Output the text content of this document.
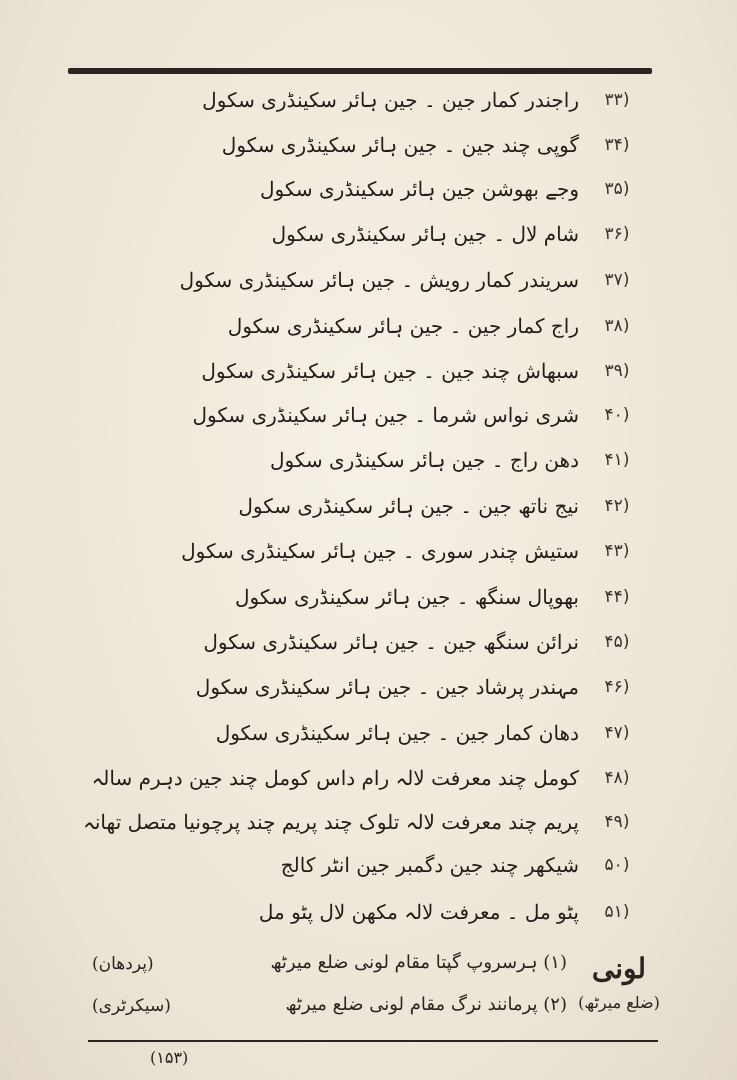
(۳۳
راجندر کمار جین ۔ جین ہائر سکینڈری سکول
(۳۴
گوپی چند جین ۔ جین ہائر سکینڈری سکول
(۳۵
وجے بھوشن جین ہائر سکینڈری سکول
(۳۶
شام لال ۔ جین ہائر سکینڈری سکول
(۳۷
سریندر کمار رویش ۔ جین ہائر سکینڈری سکول
(۳۸
راج کمار جین ۔ جین ہائر سکینڈری سکول
(۳۹
سبھاش چند جین ۔ جین ہائر سکینڈری سکول
(۴۰
شری نواس شرما ۔ جین ہائر سکینڈری سکول
(۴۱
دھن راج ۔ جین ہائر سکینڈری سکول
(۴۲
نیج ناتھ جین ۔ جین ہائر سکینڈری سکول
(۴۳
ستیش چندر سوری ۔ جین ہائر سکینڈری سکول
(۴۴
بھوپال سنگھ ۔ جین ہائر سکینڈری سکول
(۴۵
نرائن سنگھ جین ۔ جین ہائر سکینڈری سکول
(۴۶
مہندر پرشاد جین ۔ جین ہائر سکینڈری سکول
(۴۷
دھان کمار جین ۔ جین ہائر سکینڈری سکول
(۴۸
کومل چند معرفت لالہ رام داس کومل چند جین دہرم سالہ
(۴۹
پریم چند معرفت لالہ تلوک چند پریم چند پرچونیا متصل تھانہ
(۵۰
شیکھر چند جین دگمبر جین انٹر کالج
(۵۱
پٹو مل ۔ معرفت لالہ مکھن لال پٹو مل
لونی
(ضلع میرٹھ)
(۱) ہرسروپ گپتا مقام لونی ضلع میرٹھ
(۲) پرمانند نرگ مقام لونی ضلع میرٹھ
(پردھان)
(سیکرٹری)
(۱۵۳)
